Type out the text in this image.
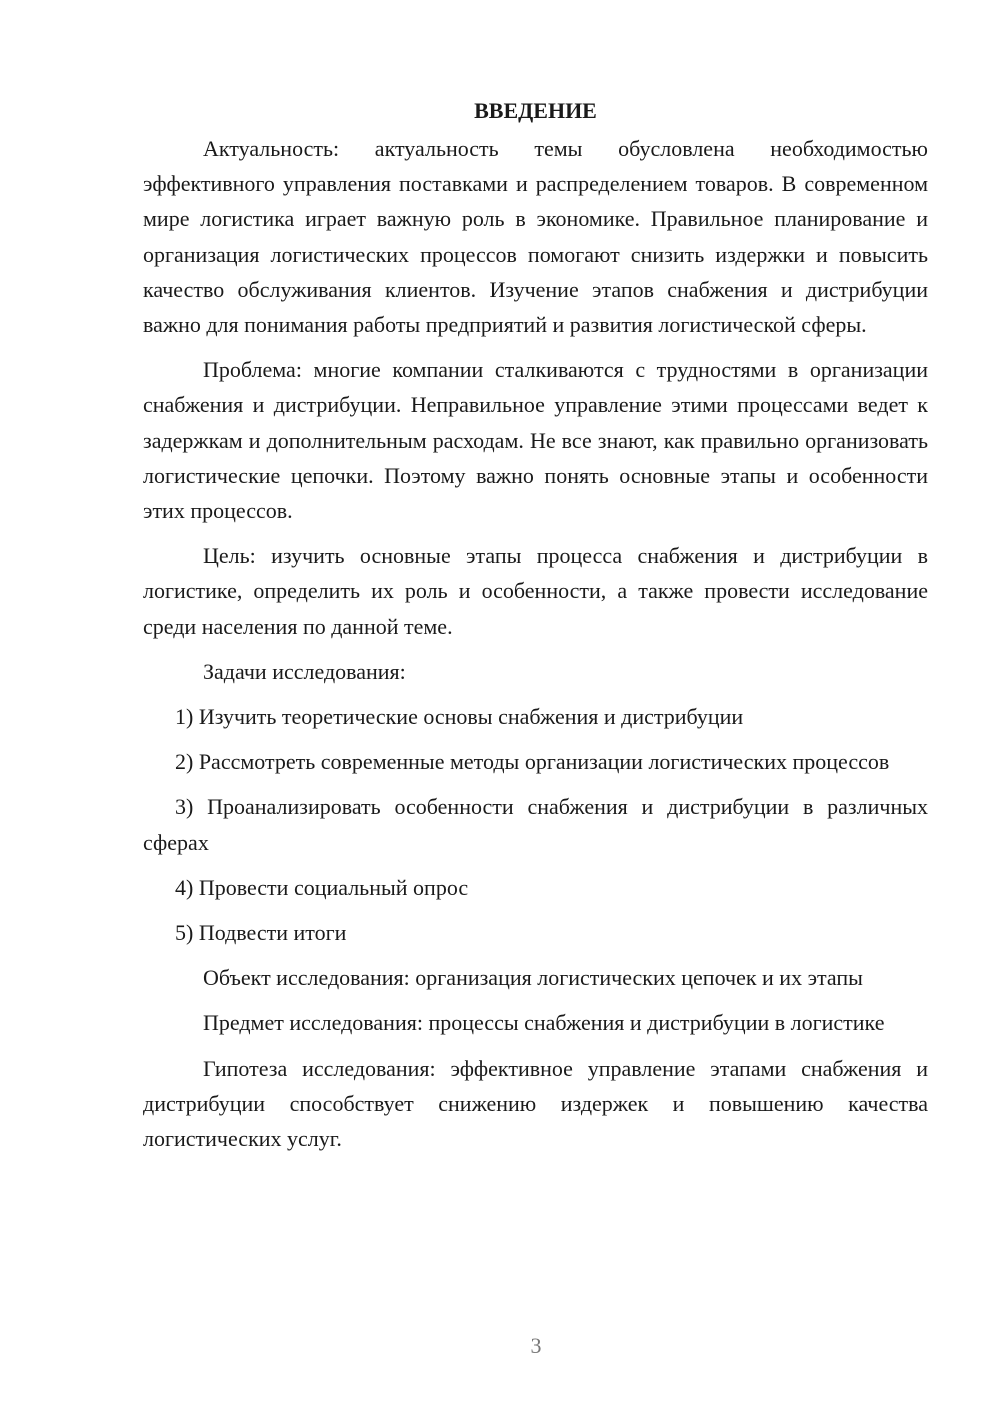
ВВЕДЕНИЕ

Актуальность: актуальность темы обусловлена необходимостью эффективного управления поставками и распределением товаров. В современном мире логистика играет важную роль в экономике. Правильное планирование и организация логистических процессов помогают снизить издержки и повысить качество обслуживания клиентов. Изучение этапов снабжения и дистрибуции важно для понимания работы предприятий и развития логистической сферы.

Проблема: многие компании сталкиваются с трудностями в организации снабжения и дистрибуции. Неправильное управление этими процессами ведет к задержкам и дополнительным расходам. Не все знают, как правильно организовать логистические цепочки. Поэтому важно понять основные этапы и особенности этих процессов.

Цель: изучить основные этапы процесса снабжения и дистрибуции в логистике, определить их роль и особенности, а также провести исследование среди населения по данной теме.

Задачи исследования:

1) Изучить теоретические основы снабжения и дистрибуции

2) Рассмотреть современные методы организации логистических процессов

3) Проанализировать особенности снабжения и дистрибуции в различных сферах

4) Провести социальный опрос

5) Подвести итоги

Объект исследования: организация логистических цепочек и их этапы

Предмет исследования: процессы снабжения и дистрибуции в логистике

Гипотеза исследования: эффективное управление этапами снабжения и дистрибуции способствует снижению издержек и повышению качества логистических услуг.

3
